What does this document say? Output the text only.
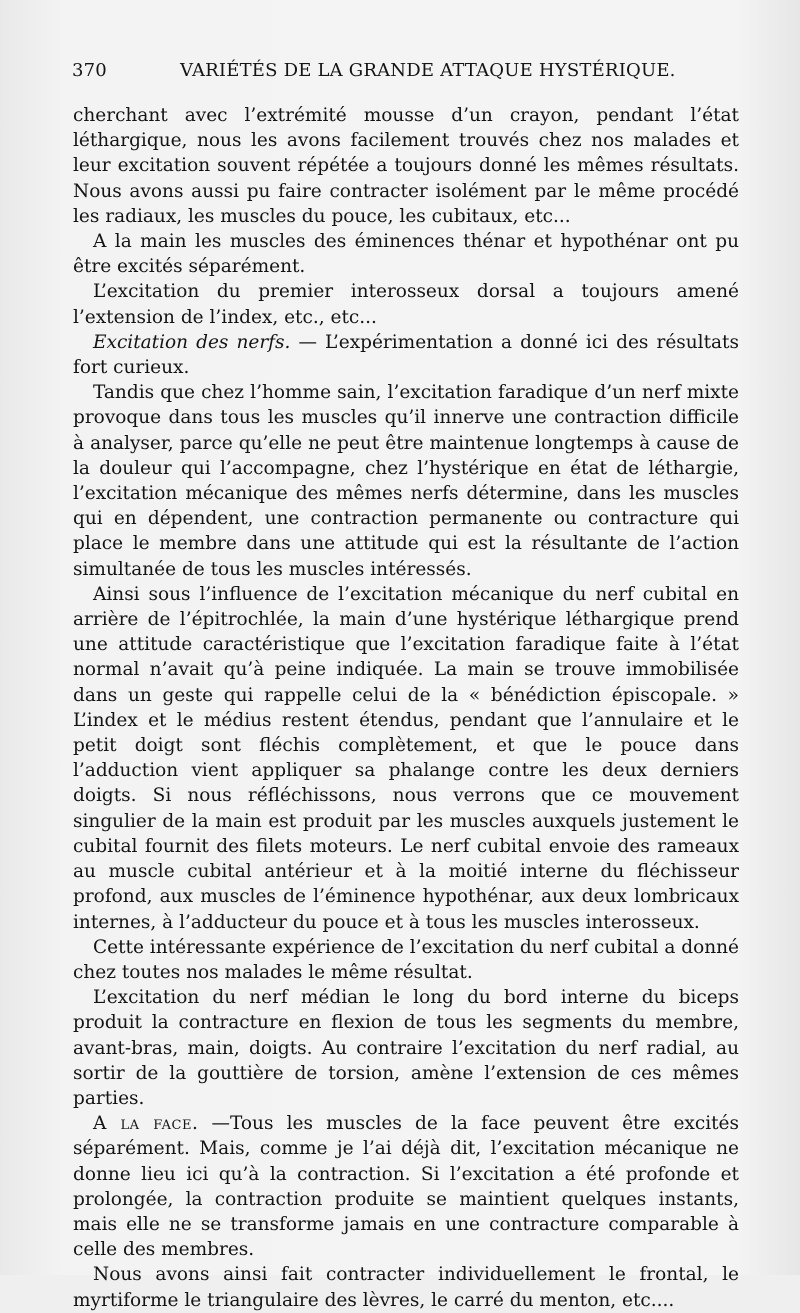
370	VARIÉTÉS DE LA GRANDE ATTAQUE HYSTÉRIQUE.

cherchant avec l’extrémité mousse d’un crayon, pendant l’état léthargique, nous les avons facilement trouvés chez nos malades et leur excitation souvent répétée a toujours donné les mêmes résultats. Nous avons aussi pu faire contracter isolément par le même procédé les radiaux, les muscles du pouce, les cubitaux, etc...

A la main les muscles des éminences thénar et hypothénar ont pu être excités séparément.

L’excitation du premier interosseux dorsal a toujours amené l’extension de l’index, etc., etc...

Excitation des nerfs. — L’expérimentation a donné ici des résultats fort curieux.

Tandis que chez l’homme sain, l’excitation faradique d’un nerf mixte provoque dans tous les muscles qu’il innerve une contraction difficile à analyser, parce qu’elle ne peut être maintenue longtemps à cause de la douleur qui l’accompagne, chez l’hystérique en état de léthargie, l’excitation mécanique des mêmes nerfs détermine, dans les muscles qui en dépendent, une contraction permanente ou contracture qui place le membre dans une attitude qui est la résultante de l’action simultanée de tous les muscles intéressés.

Ainsi sous l’influence de l’excitation mécanique du nerf cubital en arrière de l’épitrochlée, la main d’une hystérique léthargique prend une attitude caractéristique que l’excitation faradique faite à l’état normal n’avait qu’à peine indiquée. La main se trouve immobilisée dans un geste qui rappelle celui de la « bénédiction épiscopale. » L’index et le médius restent étendus, pendant que l’annulaire et le petit doigt sont fléchis complètement, et que le pouce dans l’adduction vient appliquer sa phalange contre les deux derniers doigts. Si nous réfléchissons, nous verrons que ce mouvement singulier de la main est produit par les muscles auxquels justement le cubital fournit des filets moteurs. Le nerf cubital envoie des rameaux au muscle cubital antérieur et à la moitié interne du fléchisseur profond, aux muscles de l’éminence hypothénar, aux deux lombricaux internes, à l’adducteur du pouce et à tous les muscles interosseux.

Cette intéressante expérience de l’excitation du nerf cubital a donné chez toutes nos malades le même résultat.

L’excitation du nerf médian le long du bord interne du biceps produit la contracture en flexion de tous les segments du membre, avant-bras, main, doigts. Au contraire l’excitation du nerf radial, au sortir de la gouttière de torsion, amène l’extension de ces mêmes parties.

A la face. —Tous les muscles de la face peuvent être excités séparément. Mais, comme je l’ai déjà dit, l’excitation mécanique ne donne lieu ici qu’à la contraction. Si l’excitation a été profonde et prolongée, la contraction produite se maintient quelques instants, mais elle ne se transforme jamais en une contracture comparable à celle des membres.

Nous avons ainsi fait contracter individuellement le frontal, le myrtiforme le triangulaire des lèvres, le carré du menton, etc....
